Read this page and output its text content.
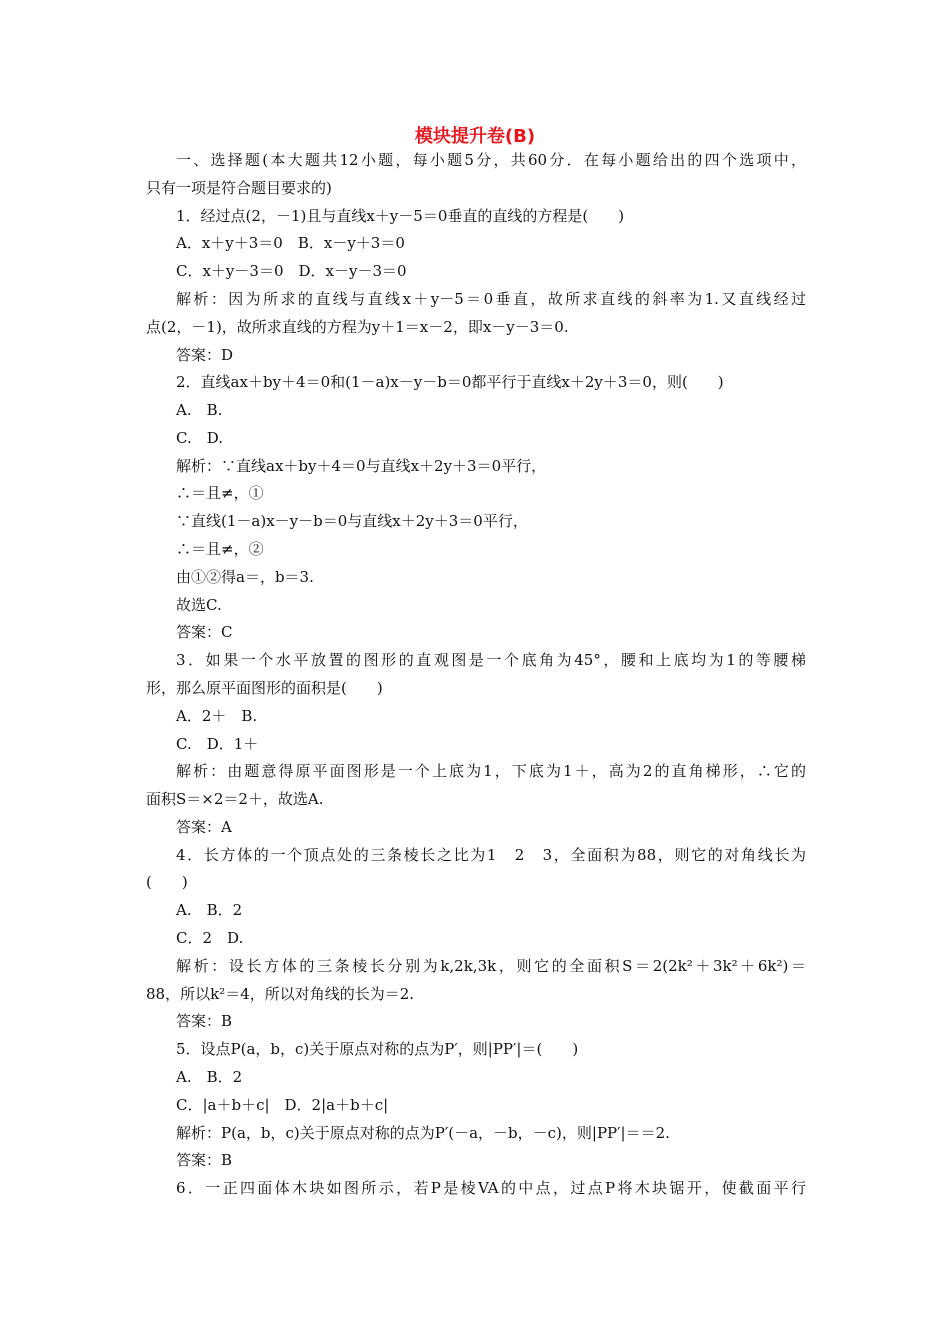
模块提升卷(B)
一、选择题(本大题共12小题，每小题5分，共60分．在每小题给出的四个选项中，
只有一项是符合题目要求的)
1．经过点(2，－1)且与直线x＋y－5＝0垂直的直线的方程是(　　)
A．x＋y＋3＝0　B．x－y＋3＝0
C．x＋y－3＝0　D．x－y－3＝0
解析：因为所求的直线与直线x＋y－5＝0垂直，故所求直线的斜率为1.又直线经过
点(2，－1)，故所求直线的方程为y＋1＝x－2，即x－y－3＝0.
答案：D
2．直线ax＋by＋4＝0和(1－a)x－y－b＝0都平行于直线x＋2y＋3＝0，则(　　)
A.　B.
C.　D.
解析：∵直线ax＋by＋4＝0与直线x＋2y＋3＝0平行，
∴＝且≠，①
∵直线(1－a)x－y－b＝0与直线x＋2y＋3＝0平行，
∴＝且≠，②
由①②得a＝，b＝3.
故选C.
答案：C
3．如果一个水平放置的图形的直观图是一个底角为45°，腰和上底均为1的等腰梯
形，那么原平面图形的面积是(　　)
A．2＋　B.
C.　D．1＋
解析：由题意得原平面图形是一个上底为1，下底为1＋，高为2的直角梯形，∴它的
面积S＝×2＝2＋，故选A.
答案：A
4．长方体的一个顶点处的三条棱长之比为1　2　3，全面积为88，则它的对角线长为
(　　)
A.　B．2
C．2　D.
解析：设长方体的三条棱长分别为k,2k,3k，则它的全面积S＝2(2k²＋3k²＋6k²)＝
88，所以k²＝4，所以对角线的长为＝2.
答案：B
5．设点P(a，b，c)关于原点对称的点为P′，则|PP′|＝(　　)
A.　B．2
C．|a＋b＋c|　D．2|a＋b＋c|
解析：P(a，b，c)关于原点对称的点为P′(－a，－b，－c)，则|PP′|＝＝2.
答案：B
6．一正四面体木块如图所示，若P是棱VA的中点，过点P将木块锯开，使截面平行
